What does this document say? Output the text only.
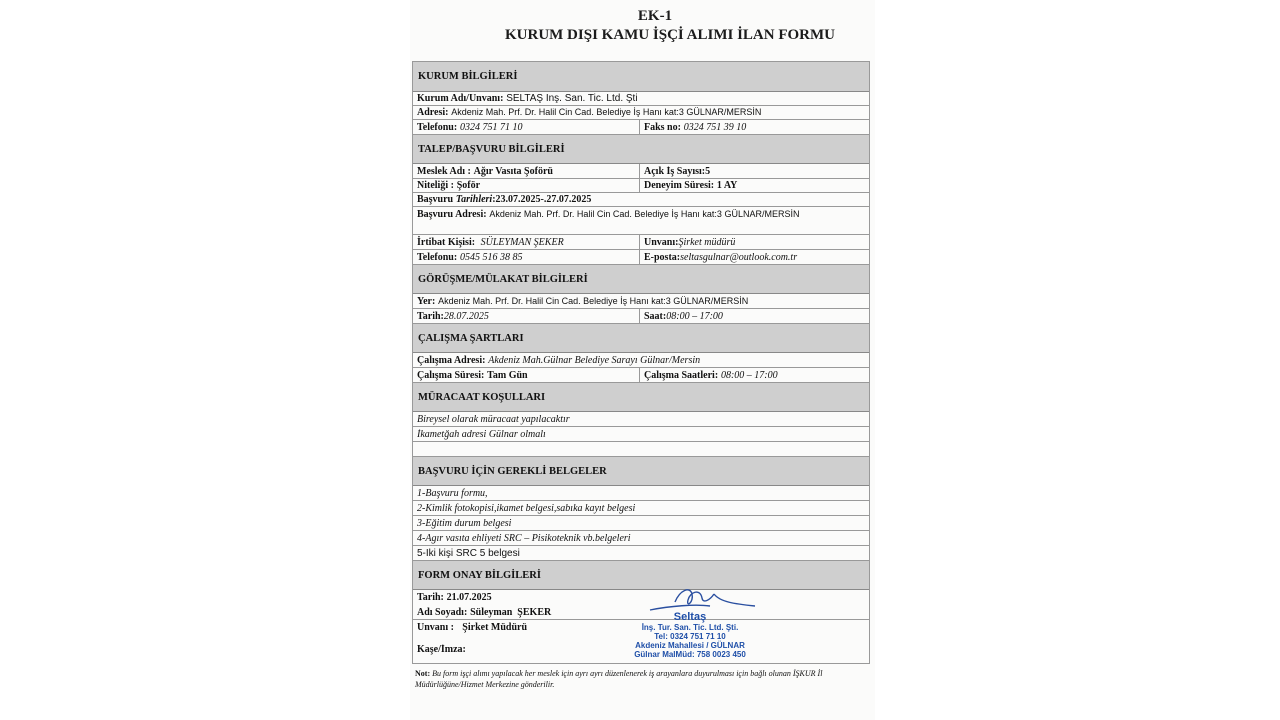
EK-1
KURUM DIŞI KAMU İŞÇİ ALIMI İLAN FORMU
KURUM BİLGİLERİ
Kurum Adı/Unvanı: SELTAŞ İnş. San. Tic. Ltd. Şti
Adresi: Akdeniz Mah. Prf. Dr. Halil Cin Cad. Belediye İş Hanı kat:3 GÜLNAR/MERSİN
Telefonu:
0324 751 71 10	Faks no: 0324 751 39 10
TALEP/BAŞVURU BİLGİLERİ
Meslek Adı :
Ağır Vasıta Şoförü	Açık İş Sayısı:5
Niteliği :
Şoför	Deneyim Süresi: 1 AY
Başvuru Tarihleri:23.07.2025-.27.07.2025
Başvuru Adresi: Akdeniz Mah. Prf. Dr. Halil Cin Cad. Belediye İş Hanı kat:3 GÜLNAR/MERSİN
İrtibat Kişisi:
SÜLEYMAN ŞEKER	Unvanı:Şirket müdürü
Telefonu:
0545 516 38 85	E-posta:seltasgulnar@outlook.com.tr
GÖRÜŞME/MÜLAKAT BİLGİLERİ
Yer: Akdeniz Mah. Prf. Dr. Halil Cin Cad. Belediye İş Hanı kat:3 GÜLNAR/MERSİN
Tarih: 28.07.2025	Saat:08:00 – 17:00
ÇALIŞMA ŞARTLARI
Çalışma Adresi: Akdeniz Mah.Gülnar Belediye Sarayı Gülnar/Mersin
Çalışma Süresi:
Tam Gün	Çalışma Saatleri: 08:00 – 17:00
MÜRACAAT KOŞULLARI
Bireysel olarak müracaat yapılacaktır
İkametğah adresi Gülnar olmalı
BAŞVURU İÇİN GEREKLİ BELGELER
1-Başvuru formu,
2-Kimlik fotokopisi,ikamet belgesi,sabıka kayıt belgesi
3-Eğitim durum belgesi
4-Agır vasıta ehliyeti SRC – Pisikoteknik vb.belgeleri
5-İki kişi SRC 5 belgesi
FORM ONAY BİLGİLERİ
Tarih: 21.07.2025
Adı Soyadı: Süleyman  ŞEKER
Unvanı : Şirket Müdürü
Kaşe/İmza:
Seltaş
İnş. Tur. San. Tic. Ltd. Şti.
Tel: 0324 751 71 10
Akdeniz Mahallesi / GÜLNAR
Gülnar MalMüd: 758 0023 450
Not: Bu form işçi alımı yapılacak her meslek için ayrı ayrı düzenlenerek iş arayanlara duyurulması için bağlı olunan İŞKUR İl Müdürlüğüne/Hizmet Merkezine gönderilir.
